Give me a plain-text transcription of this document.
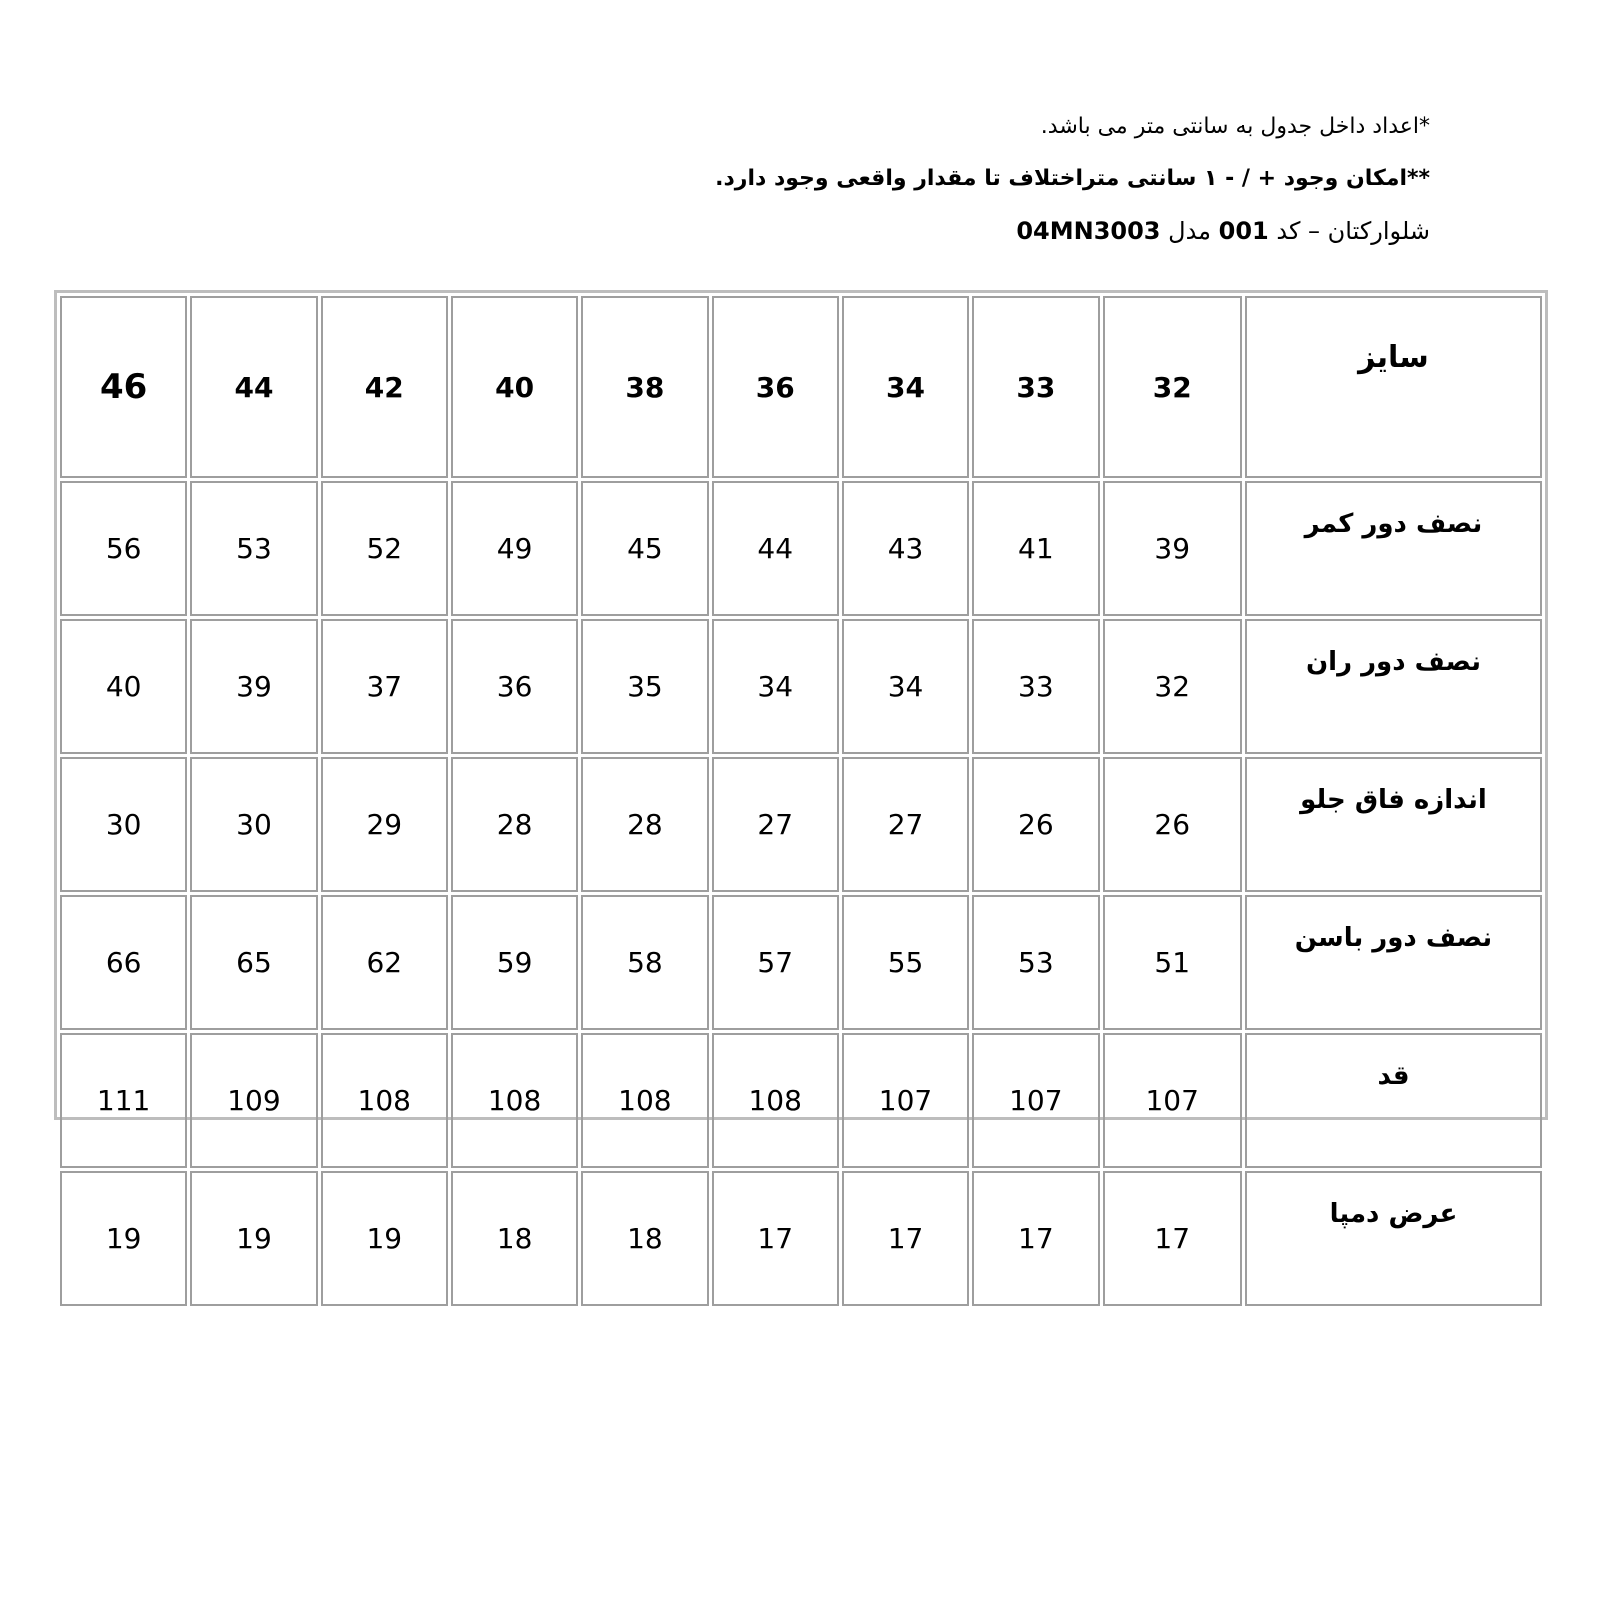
*اعداد داخل جدول به سانتی متر می باشد.
**امکان وجود + / - ۱ سانتی متراختلاف تا مقدار واقعی وجود دارد.
شلوارکتان – کد 001 مدل 04MN3003
46	44	42	40	38	36	34	33	32	سایز
56	53	52	49	45	44	43	41	39	نصف دور کمر
40	39	37	36	35	34	34	33	32	نصف دور ران
30	30	29	28	28	27	27	26	26	اندازه فاق جلو
66	65	62	59	58	57	55	53	51	نصف دور باسن
111	109	108	108	108	108	107	107	107	قد
19	19	19	18	18	17	17	17	17	عرض دمپا
